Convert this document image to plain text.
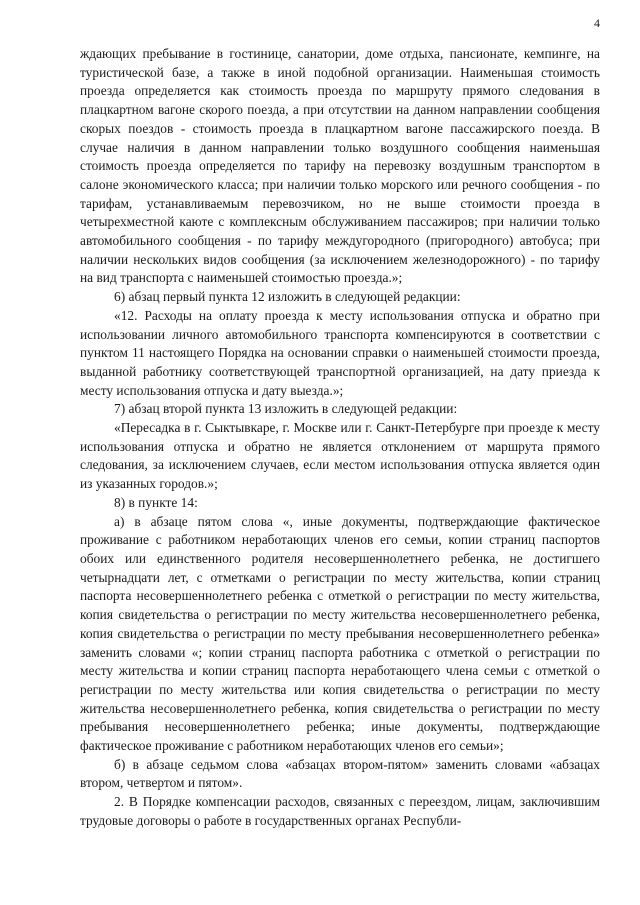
4

ждающих пребывание в гостинице, санатории, доме отдыха, пансионате, кемпинге, на туристической базе, а также в иной подобной организации. Наименьшая стоимость проезда определяется как стоимость проезда по маршруту прямого следования в плацкартном вагоне скорого поезда, а при отсутствии на данном направлении сообщения скорых поездов - стоимость проезда в плацкартном вагоне пассажирского поезда. В случае наличия в данном направлении только воздушного сообщения наименьшая стоимость проезда определяется по тарифу на перевозку воздушным транспортом в салоне экономического класса; при наличии только морского или речного сообщения - по тарифам, устанавливаемым перевозчиком, но не выше стоимости проезда в четырехместной каюте с комплексным обслуживанием пассажиров; при наличии только автомобильного сообщения - по тарифу междугородного (пригородного) автобуса; при наличии нескольких видов сообщения (за исключением железнодорожного) - по тарифу на вид транспорта с наименьшей стоимостью проезда.»;

6) абзац первый пункта 12 изложить в следующей редакции:

«12. Расходы на оплату проезда к месту использования отпуска и обратно при использовании личного автомобильного транспорта компенсируются в соответствии с пунктом 11 настоящего Порядка на основании справки о наименьшей стоимости проезда, выданной работнику соответствующей транспортной организацией, на дату приезда к месту использования отпуска и дату выезда.»;

7) абзац второй пункта 13 изложить в следующей редакции:

«Пересадка в г. Сыктывкаре, г. Москве или г. Санкт-Петербурге при проезде к месту использования отпуска и обратно не является отклонением от маршрута прямого следования, за исключением случаев, если местом использования отпуска является один из указанных городов.»;

8) в пункте 14:

а) в абзаце пятом слова «, иные документы, подтверждающие фактическое проживание с работником неработающих членов его семьи, копии страниц паспортов обоих или единственного родителя несовершеннолетнего ребенка, не достигшего четырнадцати лет, с отметками о регистрации по месту жительства, копии страниц паспорта несовершеннолетнего ребенка с отметкой о регистрации по месту жительства, копия свидетельства о регистрации по месту жительства несовершеннолетнего ребенка, копия свидетельства о регистрации по месту пребывания несовершеннолетнего ребенка» заменить словами «; копии страниц паспорта работника с отметкой о регистрации по месту жительства и копии страниц паспорта неработающего члена семьи с отметкой о регистрации по месту жительства или копия свидетельства о регистрации по месту жительства несовершеннолетнего ребенка, копия свидетельства о регистрации по месту пребывания несовершеннолетнего ребенка; иные документы, подтверждающие фактическое проживание с работником неработающих членов его семьи»;

б) в абзаце седьмом слова «абзацах втором-пятом» заменить словами «абзацах втором, четвертом и пятом».

2. В Порядке компенсации расходов, связанных с переездом, лицам, заключившим трудовые договоры о работе в государственных органах Республи-
